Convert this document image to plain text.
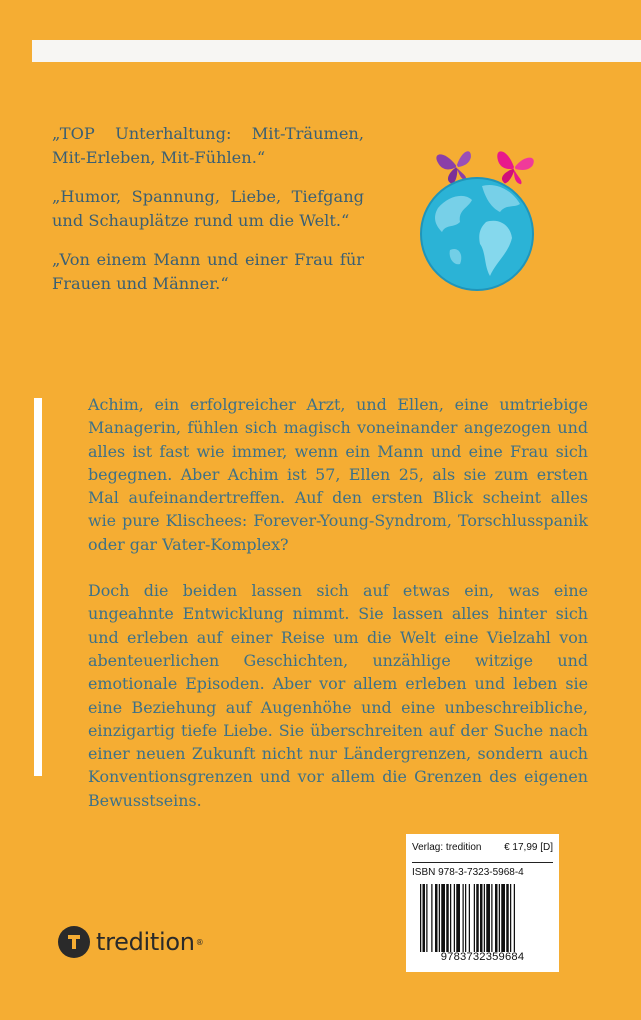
„TOP Unterhaltung: Mit-Träumen, Mit-Erleben, Mit-Fühlen.“

„Humor, Spannung, Liebe, Tiefgang und Schauplätze rund um die Welt.“

„Von einem Mann und einer Frau für Frauen und Männer.“

Achim, ein erfolgreicher Arzt, und Ellen, eine umtriebige Managerin, fühlen sich magisch voneinander angezogen und alles ist fast wie immer, wenn ein Mann und eine Frau sich begegnen. Aber Achim ist 57, Ellen 25, als sie zum ersten Mal aufeinandertreffen. Auf den ersten Blick scheint alles wie pure Klischees: Forever-Young-Syndrom, Torschlusspanik oder gar Vater-Komplex?

Doch die beiden lassen sich auf etwas ein, was eine ungeahnte Entwicklung nimmt. Sie lassen alles hinter sich und erleben auf einer Reise um die Welt eine Vielzahl von abenteuerlichen Geschichten, unzählige witzige und emotionale Episoden. Aber vor allem erleben und leben sie eine Beziehung auf Augenhöhe und eine unbeschreibliche, einzigartig tiefe Liebe. Sie überschreiten auf der Suche nach einer neuen Zukunft nicht nur Ländergrenzen, sondern auch Konventionsgrenzen und vor allem die Grenzen des eigenen Bewusstseins.

tredition ®
Verlag: tredition € 17,99 [D]
ISBN 978-3-7323-5968-4
9783732359684
